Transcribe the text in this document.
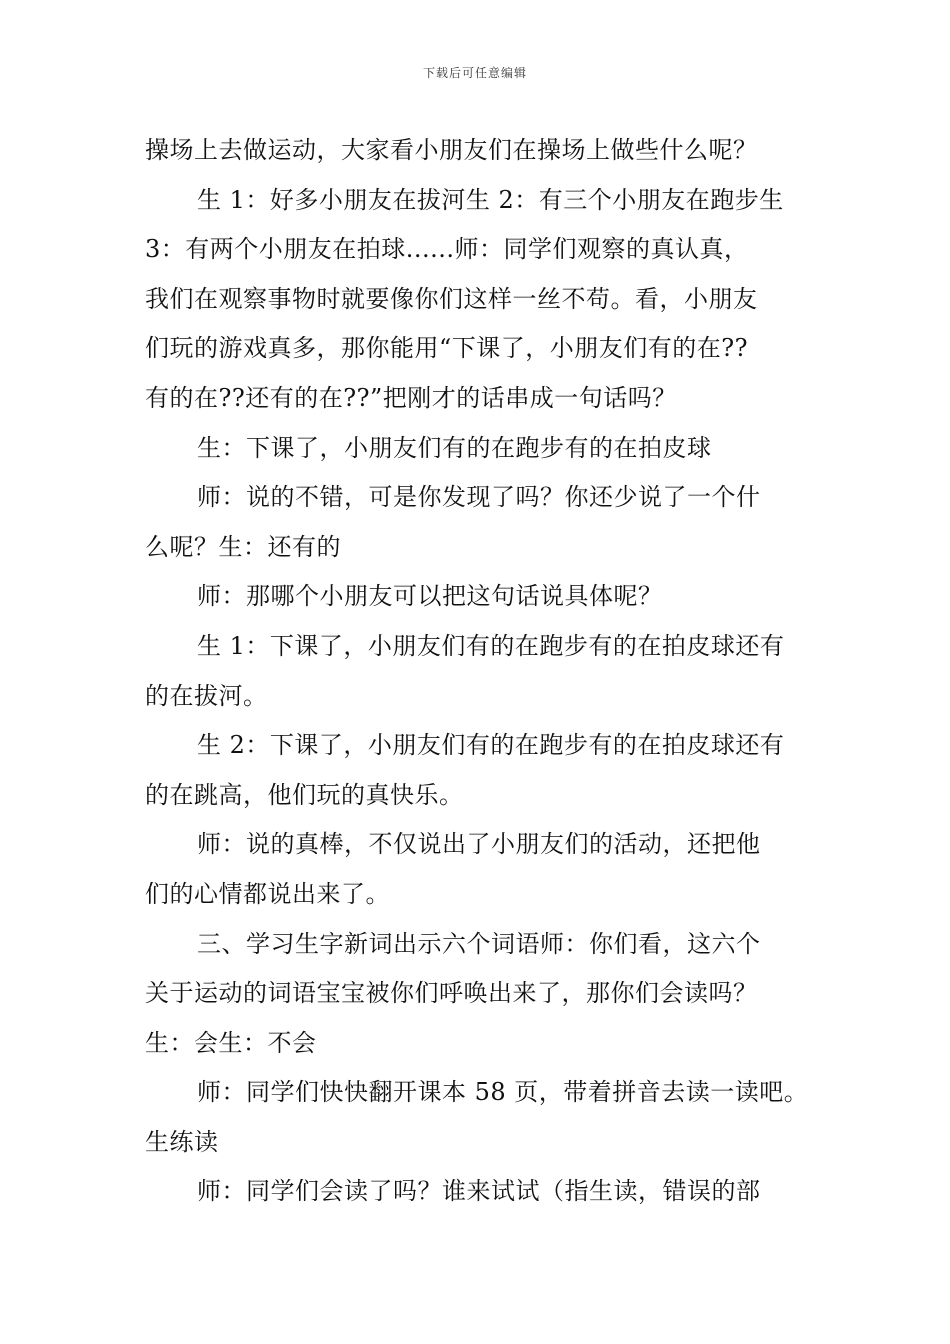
下载后可任意编辑
操场上去做运动，大家看小朋友们在操场上做些什么呢？
生 1：好多小朋友在拔河生 2：有三个小朋友在跑步生
3：有两个小朋友在拍球......师：同学们观察的真认真，
我们在观察事物时就要像你们这样一丝不苟。看，小朋友
们玩的游戏真多，那你能用“下课了，小朋友们有的在??
有的在??还有的在??”把刚才的话串成一句话吗？
生：下课了，小朋友们有的在跑步有的在拍皮球
师：说的不错，可是你发现了吗？你还少说了一个什
么呢？生：还有的
师：那哪个小朋友可以把这句话说具体呢？
生 1：下课了，小朋友们有的在跑步有的在拍皮球还有
的在拔河。
生 2：下课了，小朋友们有的在跑步有的在拍皮球还有
的在跳高，他们玩的真快乐。
师：说的真棒，不仅说出了小朋友们的活动，还把他
们的心情都说出来了。
三、学习生字新词出示六个词语师：你们看，这六个
关于运动的词语宝宝被你们呼唤出来了，那你们会读吗？
生：会生：不会
师：同学们快快翻开课本 58 页，带着拼音去读一读吧。
生练读
师：同学们会读了吗？谁来试试（指生读，错误的部
